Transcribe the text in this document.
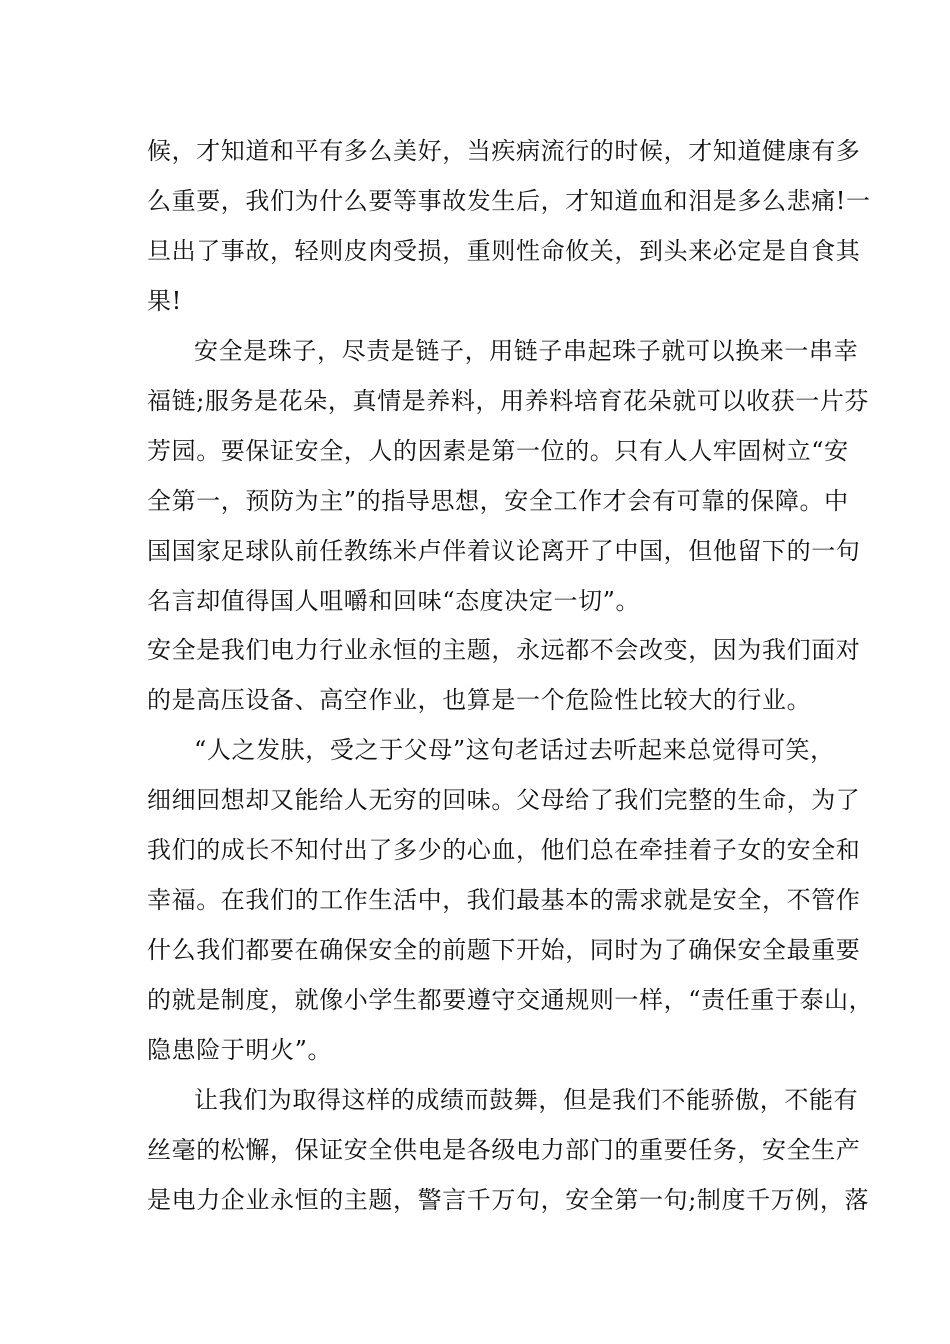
候，才知道和平有多么美好，当疾病流行的时候，才知道健康有多
么重要，我们为什么要等事故发生后，才知道血和泪是多么悲痛!一
旦出了事故，轻则皮肉受损，重则性命攸关，到头来必定是自食其
果!
安全是珠子，尽责是链子，用链子串起珠子就可以换来一串幸
福链;服务是花朵，真情是养料，用养料培育花朵就可以收获一片芬
芳园。要保证安全，人的因素是第一位的。只有人人牢固树立“安
全第一，预防为主”的指导思想，安全工作才会有可靠的保障。中
国国家足球队前任教练米卢伴着议论离开了中国，但他留下的一句
名言却值得国人咀嚼和回味“态度决定一切”。
安全是我们电力行业永恒的主题，永远都不会改变，因为我们面对
的是高压设备、高空作业，也算是一个危险性比较大的行业。
“人之发肤，受之于父母”这句老话过去听起来总觉得可笑，
细细回想却又能给人无穷的回味。父母给了我们完整的生命，为了
我们的成长不知付出了多少的心血，他们总在牵挂着子女的安全和
幸福。在我们的工作生活中，我们最基本的需求就是安全，不管作
什么我们都要在确保安全的前题下开始，同时为了确保安全最重要
的就是制度，就像小学生都要遵守交通规则一样，“责任重于泰山，
隐患险于明火”。
让我们为取得这样的成绩而鼓舞，但是我们不能骄傲，不能有
丝毫的松懈，保证安全供电是各级电力部门的重要任务，安全生产
是电力企业永恒的主题，警言千万句，安全第一句;制度千万例，落
